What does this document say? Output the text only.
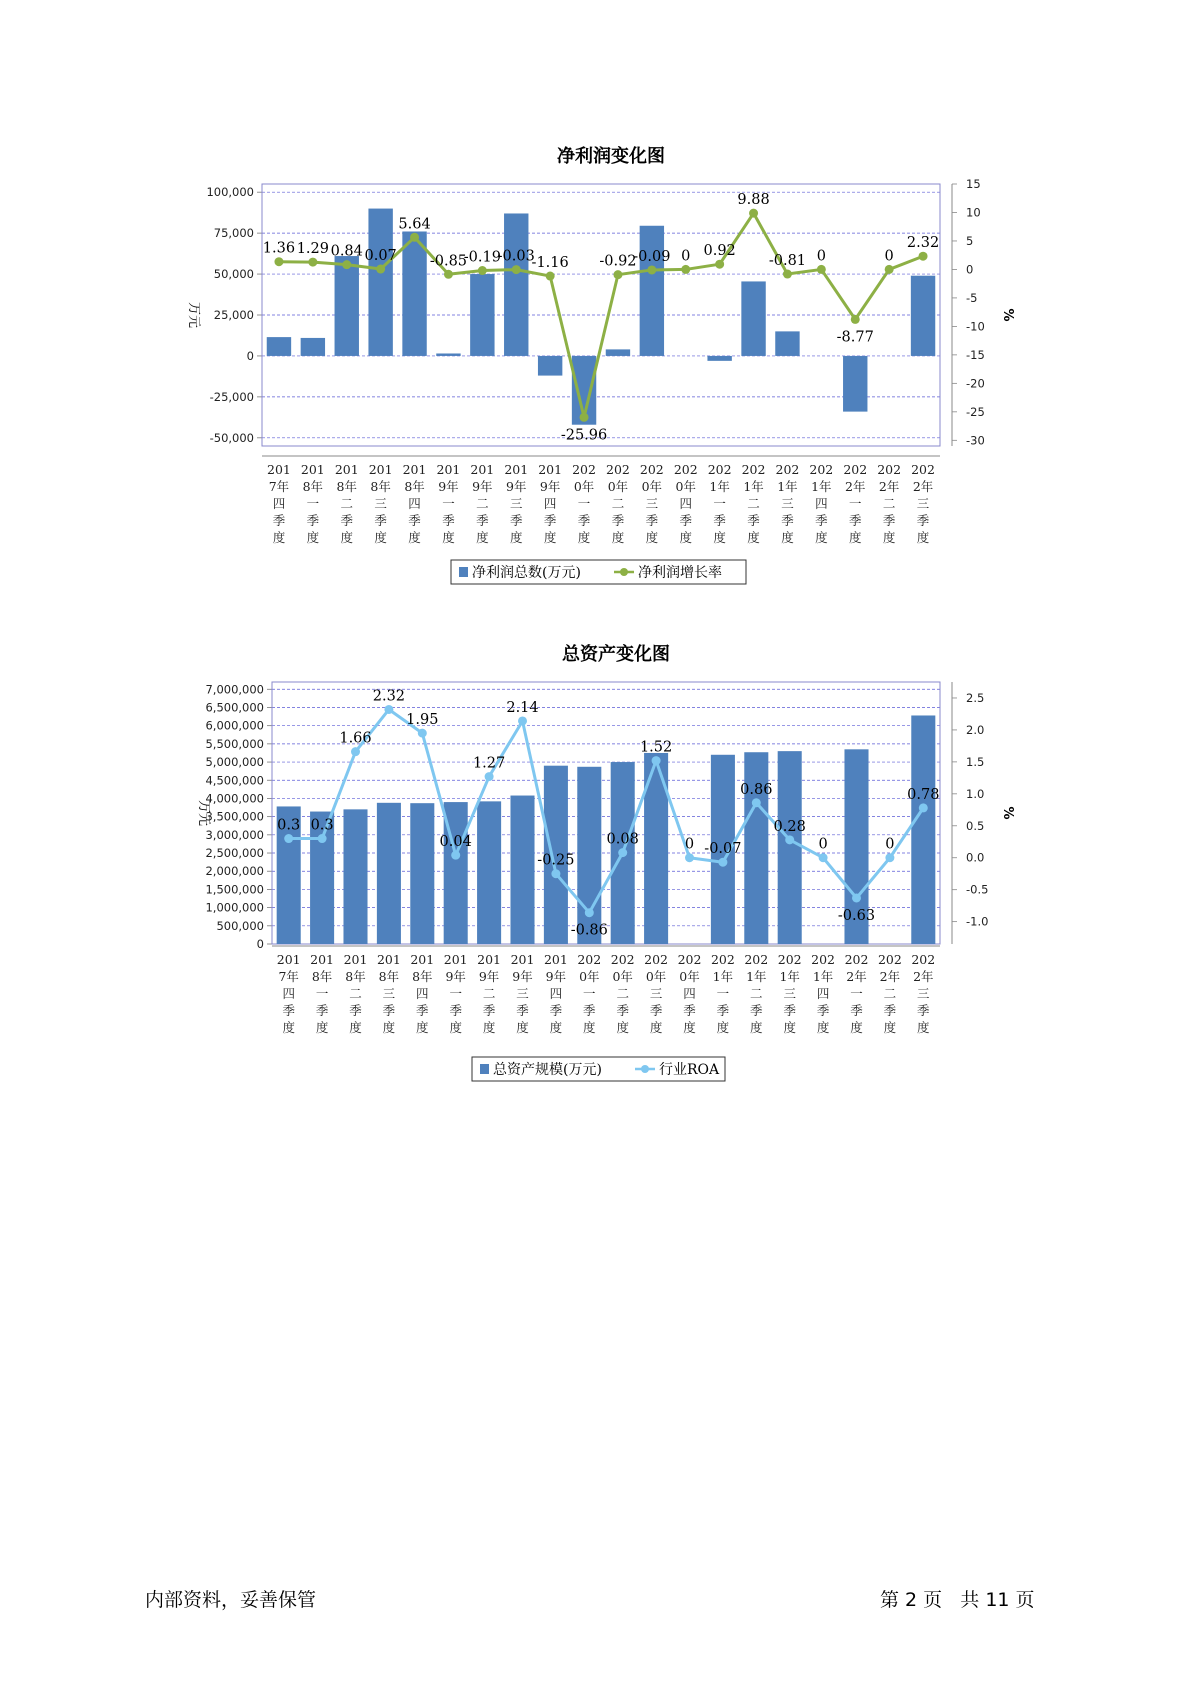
净利润变化图
100,000
75,000
50,000
25,000
0
-25,000
-50,000
15
10
5
0
-5
-10
-15
-20
-25
-30
万元	%
201 7年四季度
201 8年一季度
201 8年二季度
201 8年三季度
201 8年四季度
201 9年一季度
201 9年二季度
201 9年三季度
201 9年四季度
202 0年一季度
202 0年二季度
202 0年三季度
202 0年四季度
202 1年一季度
202 1年二季度
202 1年三季度
202 1年四季度
202 2年一季度
202 2年二季度
202 2年三季度
1.36 1.29 0.84 0.07
5.64
-0.85
-0.19
-0.03
-1.16
-25.96
-0.92
-0.09 0 0.92
9.88
-0.81 0
-8.77
0
2.32
净利润总数(万元)	净利润增长率
总资产变化图
7,000,000
6,500,000
6,000,000
5,500,000
5,000,000
4,500,000
4,000,000
3,500,000
3,000,000
2,500,000
2,000,000
1,500,000
1,000,000
500,000
0
2.5
2.0
1.5
1.0
0.5
0.0
-0.5
-1.0
万元	%
201 7年四季度
201 8年一季度
201 8年二季度
201 8年三季度
201 8年四季度
201 9年一季度
201 9年二季度
201 9年三季度
201 9年四季度
202 0年一季度
202 0年二季度
202 0年三季度
202 0年四季度
202 1年一季度
202 1年二季度
202 1年三季度
202 1年四季度
202 2年一季度
202 2年二季度
202 2年三季度
0.3 0.3
1.66
2.32
1.95
0.04
1.27
2.14
-0.25
-0.86
0.08
1.52
0 -0.07
0.86
0.28
0
-0.63
0
0.78
总资产规模(万元)	行业ROA
内部资料，妥善保管	第 2 页   共 11 页
